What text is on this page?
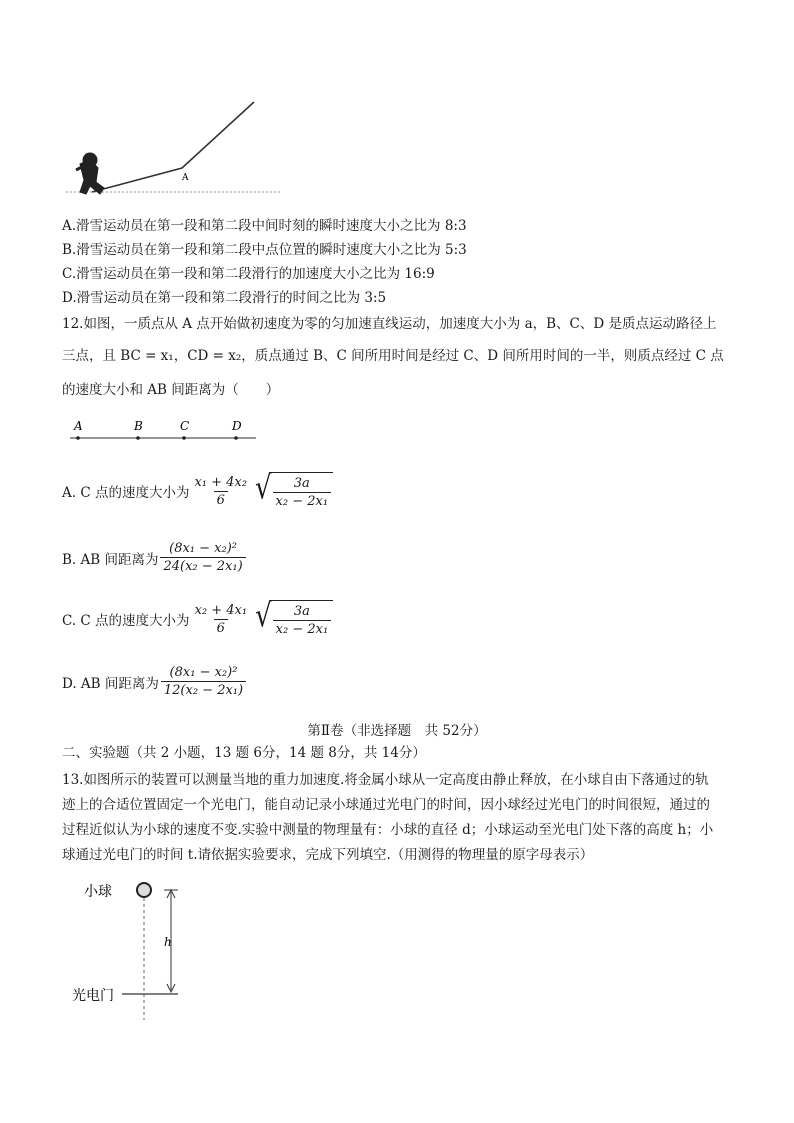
A
A.滑雪运动员在第一段和第二段中间时刻的瞬时速度大小之比为 8:3
B.滑雪运动员在第一段和第二段中点位置的瞬时速度大小之比为 5:3
C.滑雪运动员在第一段和第二段滑行的加速度大小之比为 16:9
D.滑雪运动员在第一段和第二段滑行的时间之比为 3:5
12.如图，一质点从 A 点开始做初速度为零的匀加速直线运动，加速度大小为 a，B、C、D 是质点运动路径上
三点，且 BC = x₁，CD = x₂，质点通过 B、C 间所用时间是经过 C、D 间所用时间的一半，则质点经过 C 点
的速度大小和 AB 间距离为（　　）
A	B	C	D
A. C 点的速度大小为 $\frac{\text{x₁ + 4x₂}}{6}$ √ $\frac{3a}{\text{x₂ − 2x₁}}$
B. AB 间距离为 $\frac{\text{(8x₁ − x₂)²}}{\text{24(x₂ − 2x₁)}}$
C. C 点的速度大小为 $\frac{\text{x₂ + 4x₁}}{6}$ √ $\frac{3a}{\text{x₂ − 2x₁}}$
D. AB 间距离为 $\frac{\text{(8x₁ − x₂)²}}{\text{12(x₂ − 2x₁)}}$
第Ⅱ卷（非选择题　共 52分）
二、实验题（共 2 小题，13 题 6分，14 题 8分，共 14分）
13.如图所示的装置可以测量当地的重力加速度.将金属小球从一定高度由静止释放，在小球自由下落通过的轨
迹上的合适位置固定一个光电门，能自动记录小球通过光电门的时间，因小球经过光电门的时间很短，通过的
过程近似认为小球的速度不变.实验中测量的物理量有：小球的直径 d；小球运动至光电门处下落的高度 h；小
球通过光电门的时间 t.请依据实验要求，完成下列填空.（用测得的物理量的原字母表示）
小球
h
光电门
